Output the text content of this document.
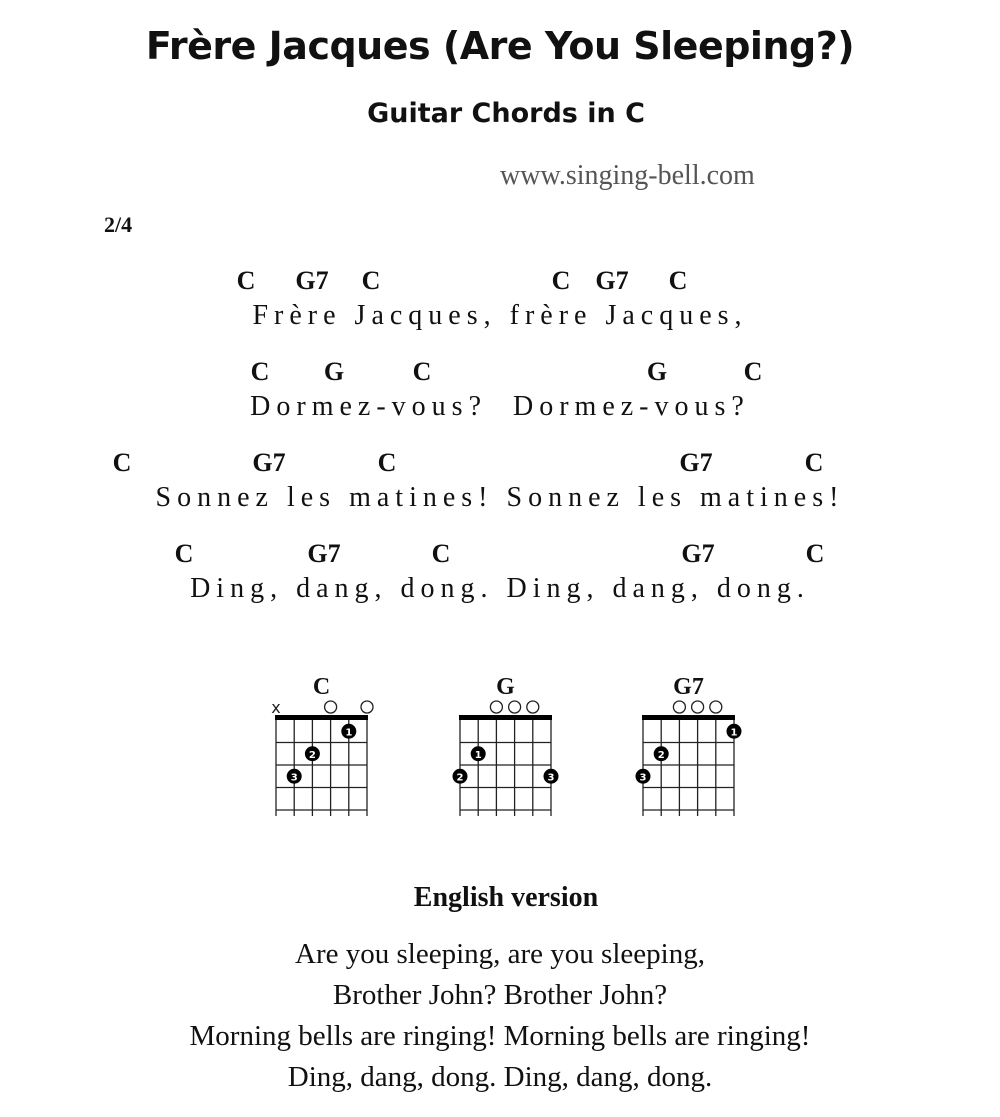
Frère Jacques (Are You Sleeping?)
Guitar Chords in C
www.singing-bell.com
2/4
C G7 C	C G7 C
Frère Jacques, frère Jacques,
C G	C	G	C
Dormez-vous?  Dormez-vous?
C	G7	C	G7	C
Sonnez les matines! Sonnez les matines!
C	G7	C	G7	C
Ding, dang, dong. Ding, dang, dong.
C
x
1
2
3
G
1
2	3
G7
1
2
3
English version
Are you sleeping, are you sleeping,
Brother John? Brother John?
Morning bells are ringing! Morning bells are ringing!
Ding, dang, dong. Ding, dang, dong.
